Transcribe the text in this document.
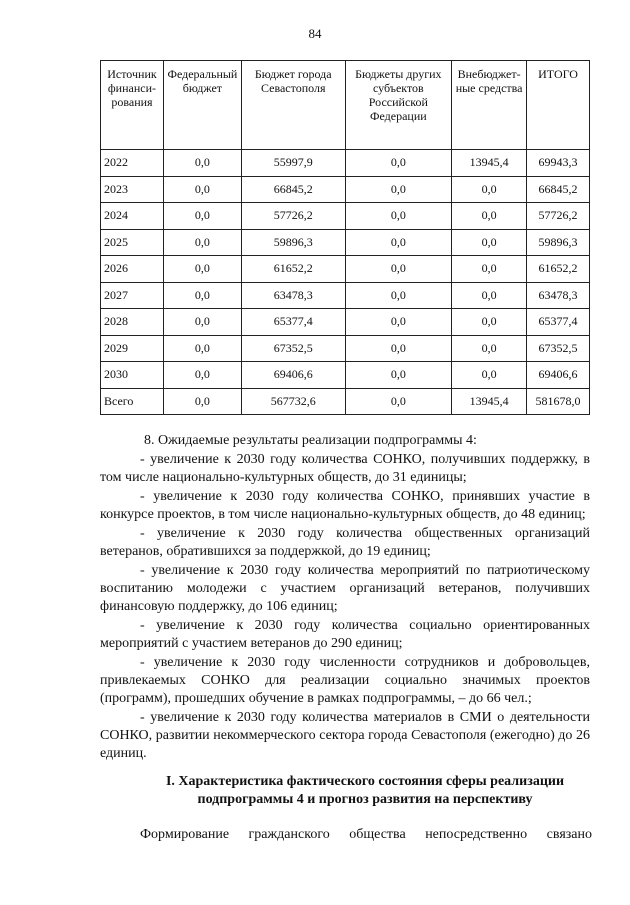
84
Источник финанси-рования	Федеральный бюджет	Бюджет города Севастополя	Бюджеты других субъектов Российской Федерации	Внебюджет-ные средства	ИТОГО
2022	0,0	55997,9	0,0	13945,4	69943,3
2023	0,0	66845,2	0,0	0,0	66845,2
2024	0,0	57726,2	0,0	0,0	57726,2
2025	0,0	59896,3	0,0	0,0	59896,3
2026	0,0	61652,2	0,0	0,0	61652,2
2027	0,0	63478,3	0,0	0,0	63478,3
2028	0,0	65377,4	0,0	0,0	65377,4
2029	0,0	67352,5	0,0	0,0	67352,5
2030	0,0	69406,6	0,0	0,0	69406,6
Всего	0,0	567732,6	0,0	13945,4	581678,0

8. Ожидаемые результаты реализации подпрограммы 4:

- увеличение к 2030 году количества СОНКО, получивших поддержку, в том числе национально-культурных обществ, до 31 единицы;

- увеличение к 2030 году количества СОНКО, принявших участие в конкурсе проектов, в том числе национально-культурных обществ, до 48 единиц;

- увеличение к 2030 году количества общественных организаций ветеранов, обратившихся за поддержкой, до 19 единиц;

- увеличение к 2030 году количества мероприятий по патриотическому воспитанию молодежи с участием организаций ветеранов, получивших финансовую поддержку, до 106 единиц;

- увеличение к 2030 году количества социально ориентированных мероприятий с участием ветеранов до 290 единиц;

- увеличение к 2030 году численности сотрудников и добровольцев, привлекаемых СОНКО для реализации социально значимых проектов (программ), прошедших обучение в рамках подпрограммы, – до 66 чел.;

- увеличение к 2030 году количества материалов в СМИ о деятельности СОНКО, развитии некоммерческого сектора города Севастополя (ежегодно) до 26 единиц.

I. Характеристика фактического состояния сферы реализации подпрограммы 4 и прогноз развития на перспективу
Формирование гражданского общества непосредственно связано
